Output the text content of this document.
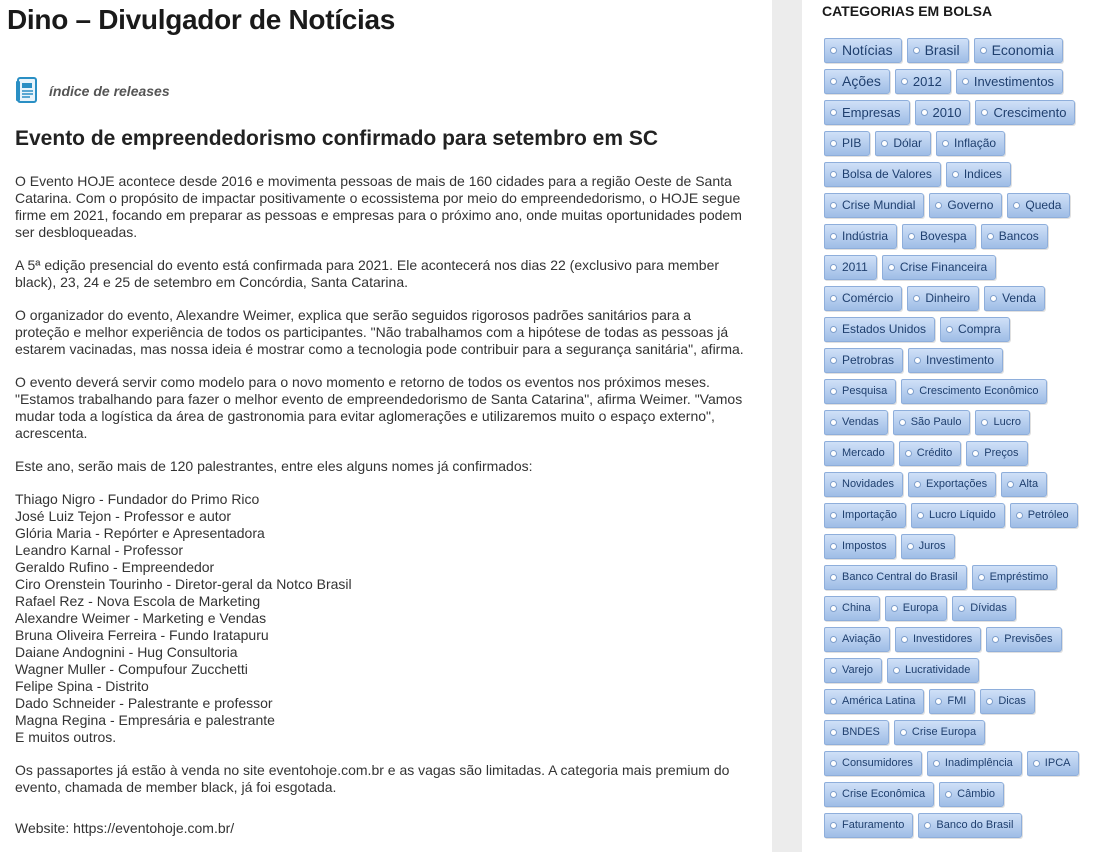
Dino – Divulgador de Notícias
índice de releases
Evento de empreendedorismo confirmado para setembro em SC

O Evento HOJE acontece desde 2016 e movimenta pessoas de mais de 160 cidades para a região Oeste de Santa Catarina. Com o propósito de impactar positivamente o ecossistema por meio do empreendedorismo, o HOJE segue firme em 2021, focando em preparar as pessoas e empresas para o próximo ano, onde muitas oportunidades podem ser desbloqueadas.

A 5ª edição presencial do evento está confirmada para 2021. Ele acontecerá nos dias 22 (exclusivo para member black), 23, 24 e 25 de setembro em Concórdia, Santa Catarina.

O organizador do evento, Alexandre Weimer, explica que serão seguidos rigorosos padrões sanitários para a proteção e melhor experiência de todos os participantes. "Não trabalhamos com a hipótese de todas as pessoas já estarem vacinadas, mas nossa ideia é mostrar como a tecnologia pode contribuir para a segurança sanitária", afirma.

O evento deverá servir como modelo para o novo momento e retorno de todos os eventos nos próximos meses. "Estamos trabalhando para fazer o melhor evento de empreendedorismo de Santa Catarina", afirma Weimer. "Vamos mudar toda a logística da área de gastronomia para evitar aglomerações e utilizaremos muito o espaço externo", acrescenta.

Este ano, serão mais de 120 palestrantes, entre eles alguns nomes já confirmados:

Thiago Nigro - Fundador do Primo Rico
José Luiz Tejon - Professor e autor
Glória Maria - Repórter e Apresentadora
Leandro Karnal - Professor
Geraldo Rufino - Empreendedor
Ciro Orenstein Tourinho - Diretor-geral da Notco Brasil
Rafael Rez - Nova Escola de Marketing
Alexandre Weimer - Marketing e Vendas
Bruna Oliveira Ferreira - Fundo Iratapuru
Daiane Andognini - Hug Consultoria
Wagner Muller - Compufour Zucchetti
Felipe Spina - Distrito
Dado Schneider - Palestrante e professor
Magna Regina - Empresária e palestrante
E muitos outros.

Os passaportes já estão à venda no site eventohoje.com.br e as vagas são limitadas. A categoria mais premium do evento, chamada de member black, já foi esgotada.

Website: https://eventohoje.com.br/
CATEGORIAS EM BOLSA
Notícias	Brasil	Economia
Ações	2012	Investimentos
Empresas	2010	Crescimento
PIB	Dólar	Inflação
Bolsa de Valores	Indices
Crise Mundial	Governo	Queda
Indústria	Bovespa	Bancos
2011	Crise Financeira
Comércio	Dinheiro	Venda
Estados Unidos	Compra
Petrobras	Investimento
Pesquisa	Crescimento Econômico
Vendas	São Paulo	Lucro
Mercado	Crédito	Preços
Novidades	Exportações	Alta
Importação	Lucro Líquido	Petróleo
Impostos	Juros
Banco Central do Brasil	Empréstimo
China	Europa	Dívidas
Aviação	Investidores	Previsões
Varejo	Lucratividade
América Latina	FMI	Dicas
BNDES	Crise Europa
Consumidores	Inadimplência	IPCA
Crise Econômica	Câmbio
Faturamento	Banco do Brasil
